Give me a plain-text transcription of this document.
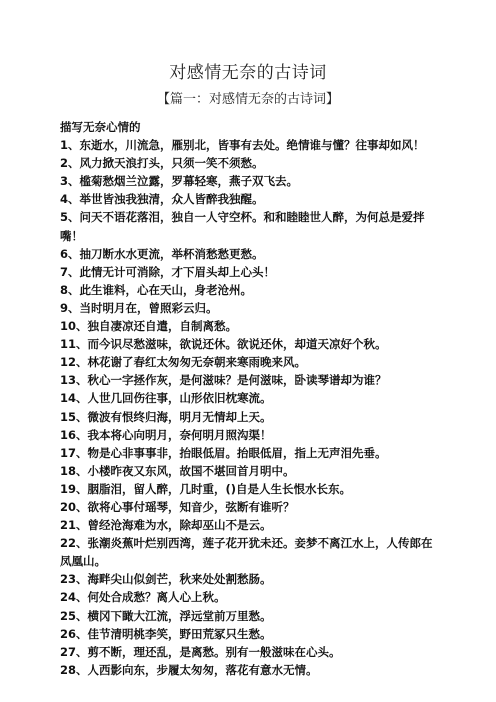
对感情无奈的古诗词
【篇一：对感情无奈的古诗词】
描写无奈心情的
1、东逝水，川流急，雁别北，皆事有去处。绝情谁与懂？往事却如风！
2、风力掀天浪打头，只须一笑不须愁。
3、槛菊愁烟兰泣露，罗幕轻寒，燕子双飞去。
4、举世皆浊我独清，众人皆醉我独醒。
5、问天不语花落泪，独自一人守空杯。和和睦睦世人醉，为何总是爱拌嘴！
6、抽刀断水水更流，举杯消愁愁更愁。
7、此情无计可消除，才下眉头却上心头！
8、此生谁料，心在天山，身老沧州。
9、当时明月在，曾照彩云归。
10、独自凄凉还自遣，自制离愁。
11、而今识尽愁滋味，欲说还休。欲说还休，却道天凉好个秋。
12、林花谢了春红太匆匆无奈朝来寒雨晚来风。
13、秋心一字拯作灰，是何滋味？是何滋味，卧读琴谱却为谁？
14、人世几回伤往事，山形依旧枕寒流。
15、微波有恨终归海，明月无情却上天。
16、我本将心向明月，奈何明月照沟渠！
17、物是心非事事非，抬眼低眉。抬眼低眉，指上无声泪先垂。
18、小楼昨夜又东风，故国不堪回首月明中。
19、胭脂泪，留人醉，几时重，()自是人生长恨水长东。
20、欲将心事付瑶琴，知音少，弦断有谁听？
21、曾经沧海难为水，除却巫山不是云。
22、张潮炎蕉叶烂别西湾，莲子花开犹未还。妾梦不离江水上，人传郎在凤凰山。
23、海畔尖山似剑芒，秋来处处割愁肠。
24、何处合成愁？离人心上秋。
25、横冈下瞰大江流，浮远堂前万里愁。
26、佳节清明桃李笑，野田荒冢只生愁。
27、剪不断，理还乱，是离愁。别有一般滋味在心头。
28、人西影向东，步履太匆匆，落花有意水无情。
